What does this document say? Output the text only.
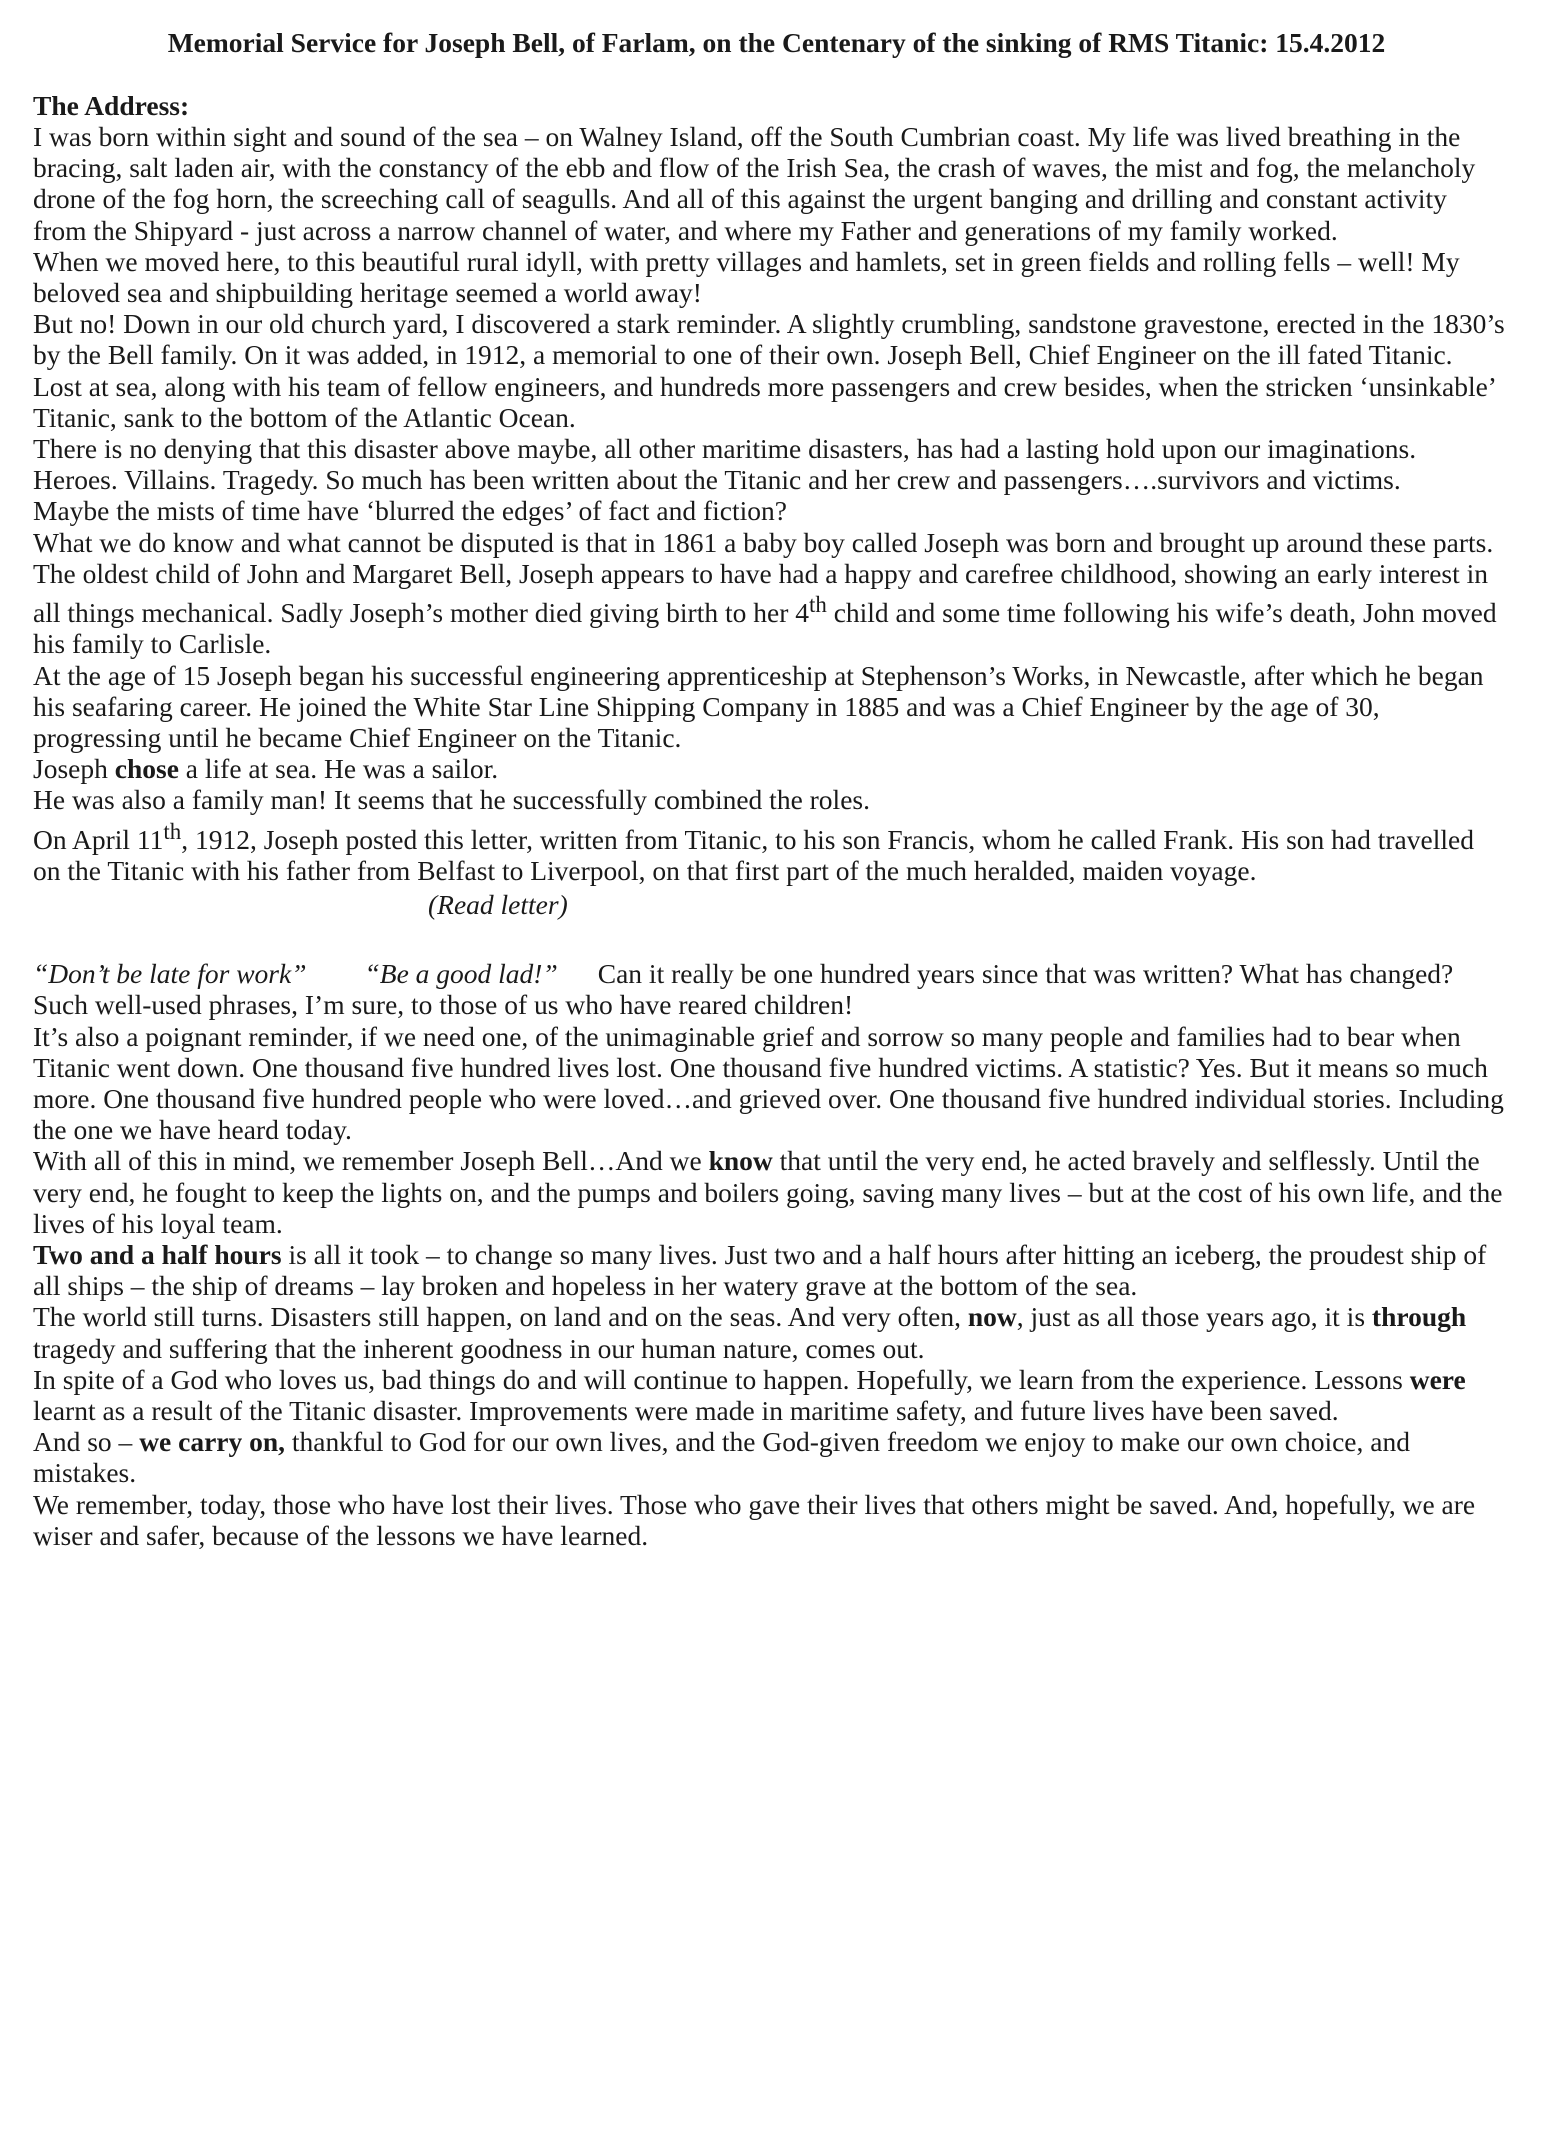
Memorial Service for Joseph Bell, of Farlam, on the Centenary of the sinking of RMS Titanic: 15.4.2012
The Address:

I was born within sight and sound of the sea – on Walney Island, off the South Cumbrian coast. My life was lived breathing in the bracing, salt laden air, with the constancy of the ebb and flow of the Irish Sea, the crash of waves, the mist and fog, the melancholy drone of the fog horn, the screeching call of seagulls. And all of this against the urgent banging and drilling and constant activity from the Shipyard - just across a narrow channel of water, and where my Father and generations of my family worked.

When we moved here, to this beautiful rural idyll, with pretty villages and hamlets, set in green fields and rolling fells – well! My beloved sea and shipbuilding heritage seemed a world away!

But no! Down in our old church yard, I discovered a stark reminder. A slightly crumbling, sandstone gravestone, erected in the 1830’s by the Bell family. On it was added, in 1912, a memorial to one of their own. Joseph Bell, Chief Engineer on the ill fated Titanic. Lost at sea, along with his team of fellow engineers, and hundreds more passengers and crew besides, when the stricken ‘unsinkable’ Titanic, sank to the bottom of the Atlantic Ocean.

There is no denying that this disaster above maybe, all other maritime disasters, has had a lasting hold upon our imaginations. Heroes. Villains. Tragedy. So much has been written about the Titanic and her crew and passengers….survivors and victims.

Maybe the mists of time have ‘blurred the edges’ of fact and fiction?

What we do know and what cannot be disputed is that in 1861 a baby boy called Joseph was born and brought up around these parts. The oldest child of John and Margaret Bell, Joseph appears to have had a happy and carefree childhood, showing an early interest in all things mechanical. Sadly Joseph’s mother died giving birth to her 4th child and some time following his wife’s death, John moved his family to Carlisle.

At the age of 15 Joseph began his successful engineering apprenticeship at Stephenson’s Works, in Newcastle, after which he began his seafaring career. He joined the White Star Line Shipping Company in 1885 and was a Chief Engineer by the age of 30, progressing until he became Chief Engineer on the Titanic.

Joseph chose a life at sea. He was a sailor.

He was also a family man! It seems that he successfully combined the roles.

On April 11th, 1912, Joseph posted this letter, written from Titanic, to his son Francis, whom he called Frank. His son had travelled on the Titanic with his father from Belfast to Liverpool, on that first part of the much heralded, maiden voyage.

(Read letter)

“Don’t be late for work” “Be a good lad!” Can it really be one hundred years since that was written? What has changed? Such well-used phrases, I’m sure, to those of us who have reared children!

It’s also a poignant reminder, if we need one, of the unimaginable grief and sorrow so many people and families had to bear when Titanic went down. One thousand five hundred lives lost. One thousand five hundred victims. A statistic? Yes. But it means so much more. One thousand five hundred people who were loved…and grieved over. One thousand five hundred individual stories. Including the one we have heard today.

With all of this in mind, we remember Joseph Bell…And we know that until the very end, he acted bravely and selflessly. Until the very end, he fought to keep the lights on, and the pumps and boilers going, saving many lives – but at the cost of his own life, and the lives of his loyal team.

Two and a half hours is all it took – to change so many lives. Just two and a half hours after hitting an iceberg, the proudest ship of all ships – the ship of dreams – lay broken and hopeless in her watery grave at the bottom of the sea.

The world still turns. Disasters still happen, on land and on the seas. And very often, now, just as all those years ago, it is through tragedy and suffering that the inherent goodness in our human nature, comes out.

In spite of a God who loves us, bad things do and will continue to happen. Hopefully, we learn from the experience. Lessons were learnt as a result of the Titanic disaster. Improvements were made in maritime safety, and future lives have been saved.

And so – we carry on, thankful to God for our own lives, and the God-given freedom we enjoy to make our own choice, and mistakes.

We remember, today, those who have lost their lives. Those who gave their lives that others might be saved. And, hopefully, we are wiser and safer, because of the lessons we have learned.
